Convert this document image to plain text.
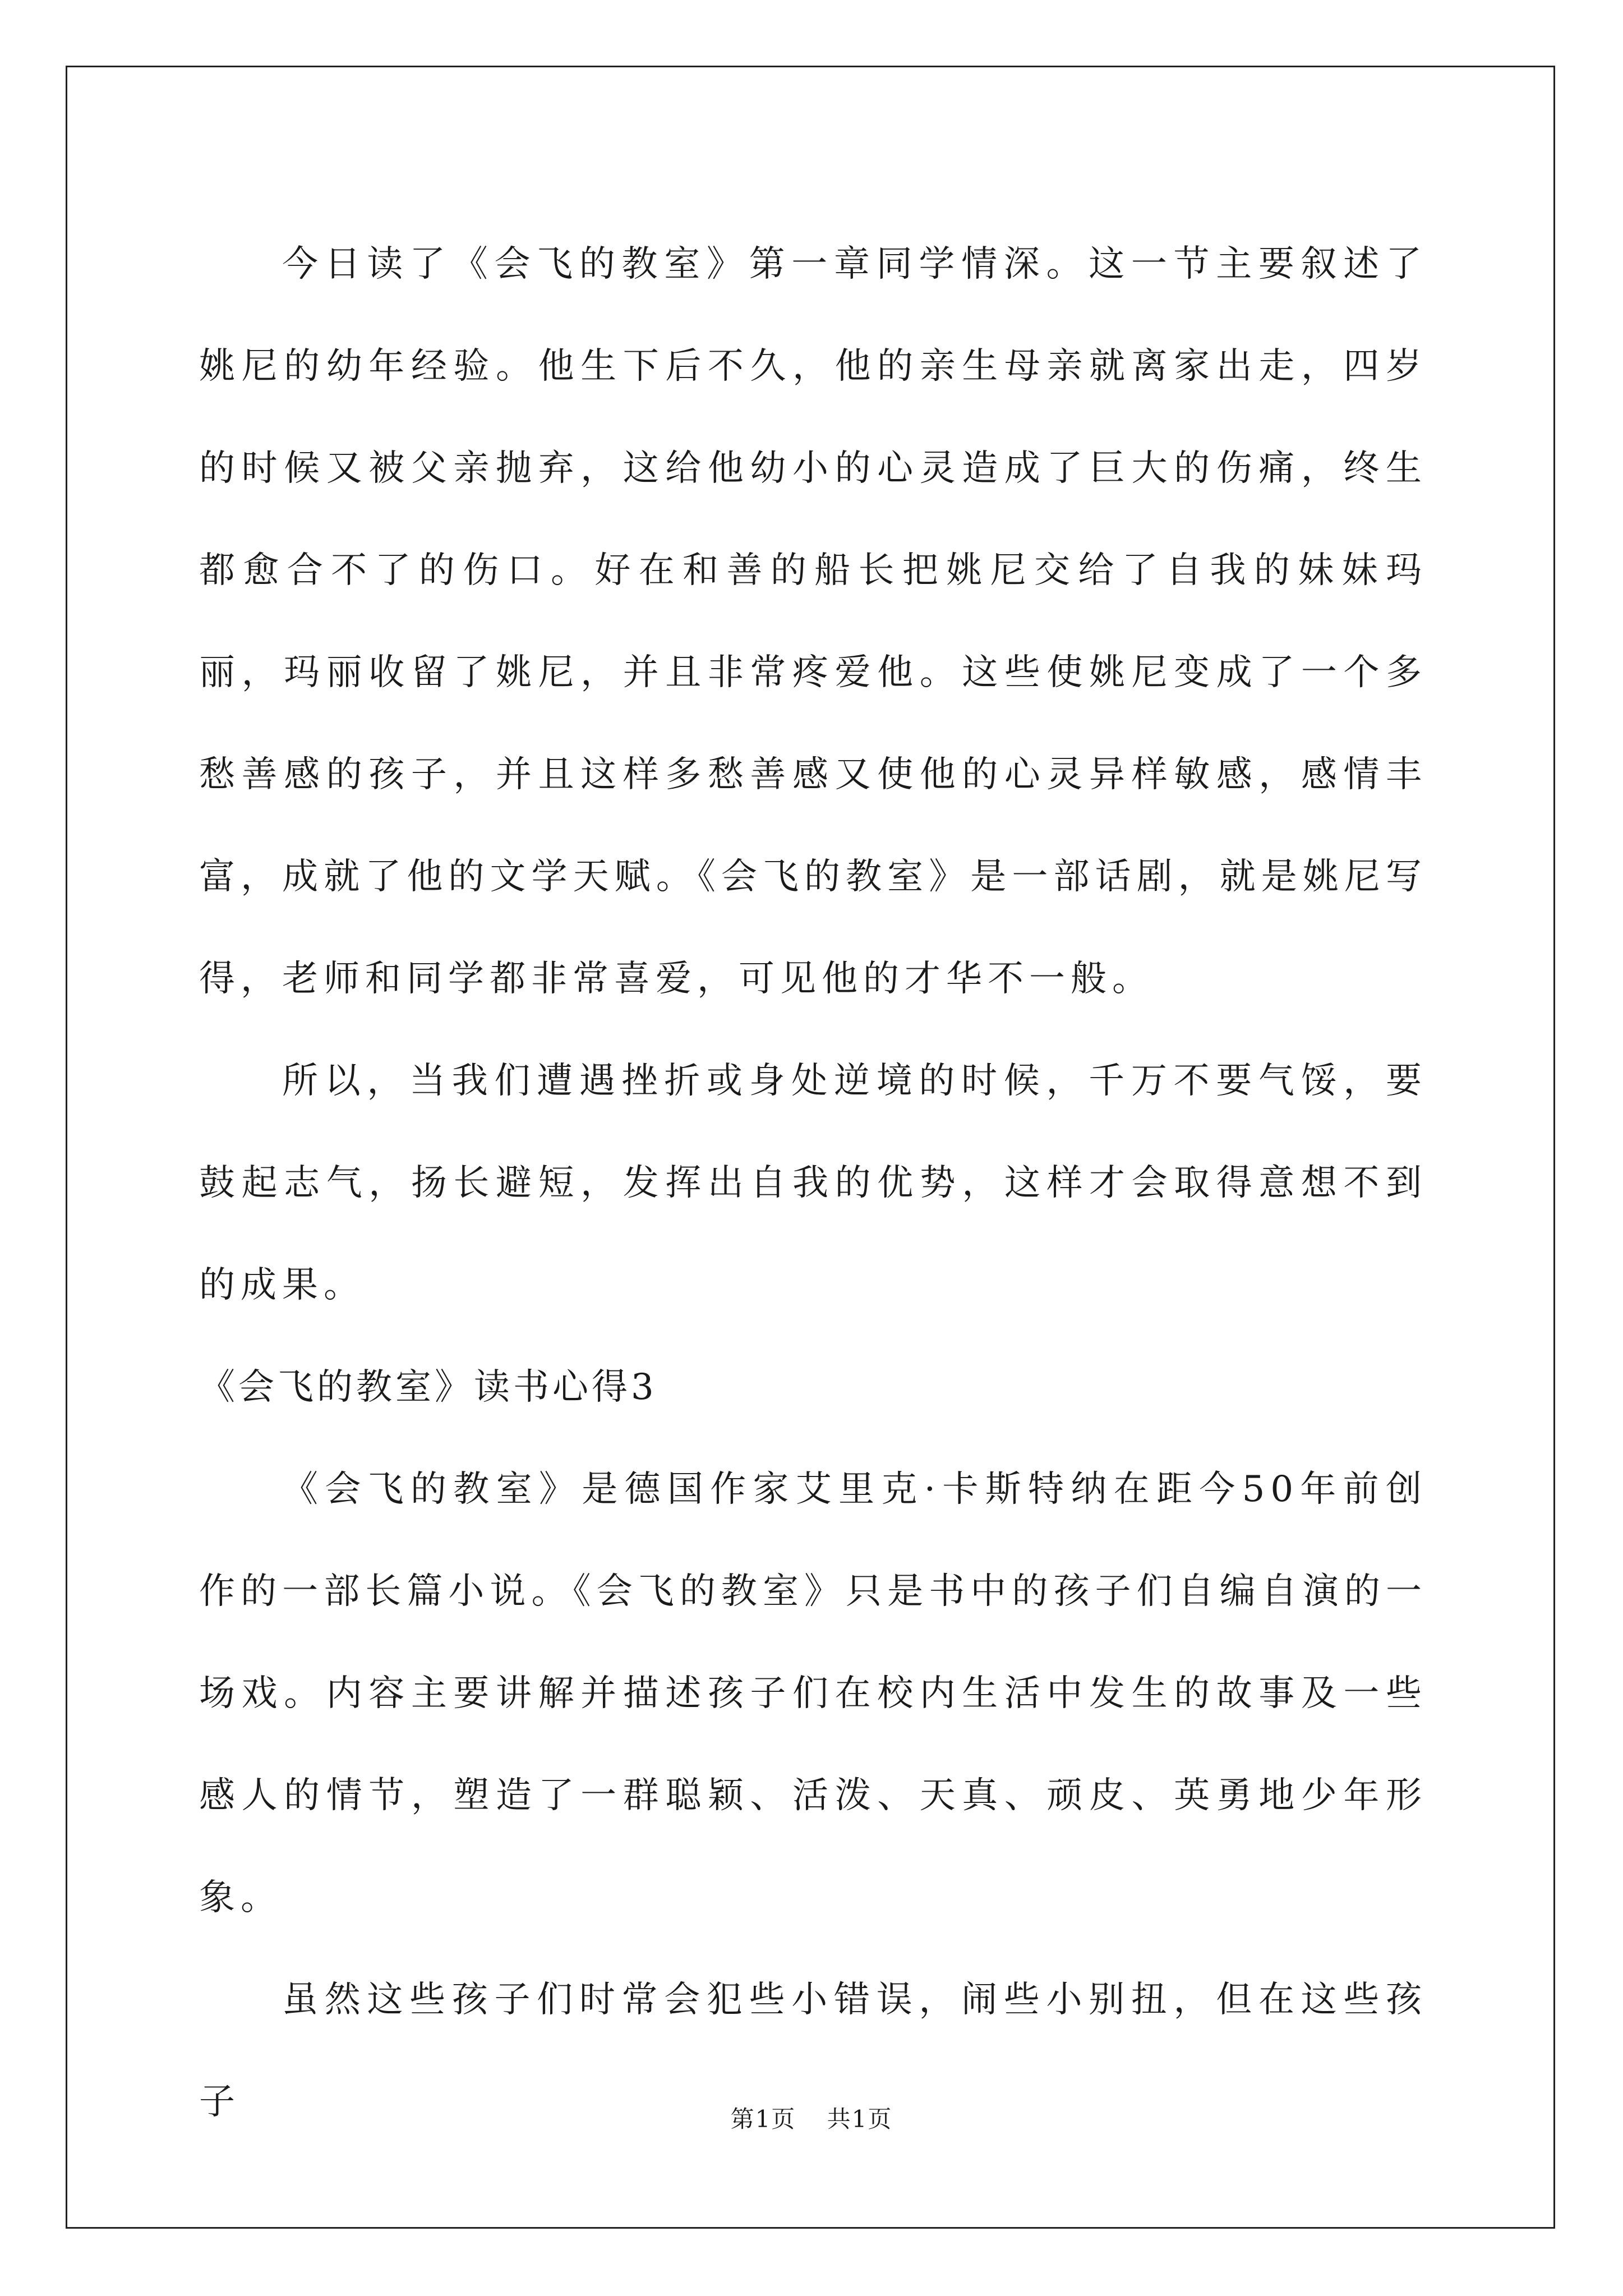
今日读了《会飞的教室》第一章同学情深。这一节主要叙述了姚尼的幼年经验。他生下后不久，他的亲生母亲就离家出走，四岁的时候又被父亲抛弃，这给他幼小的心灵造成了巨大的伤痛，终生都愈合不了的伤口。好在和善的船长把姚尼交给了自我的妹妹玛丽，玛丽收留了姚尼，并且非常疼爱他。这些使姚尼变成了一个多愁善感的孩子，并且这样多愁善感又使他的心灵异样敏感，感情丰富，成就了他的文学天赋。《会飞的教室》是一部话剧，就是姚尼写得，老师和同学都非常喜爱，可见他的才华不一般。

所以，当我们遭遇挫折或身处逆境的时候，千万不要气馁，要鼓起志气，扬长避短，发挥出自我的优势，这样才会取得意想不到的成果。

《会飞的教室》读书心得3

《会飞的教室》是德国作家艾里克·卡斯特纳在距今50年前创作的一部长篇小说。《会飞的教室》只是书中的孩子们自编自演的一场戏。内容主要讲解并描述孩子们在校内生活中发生的故事及一些感人的情节，塑造了一群聪颖、活泼、天真、顽皮、英勇地少年形象。

虽然这些孩子们时常会犯些小错误，闹些小别扭，但在这些孩子	第1页 共1页
